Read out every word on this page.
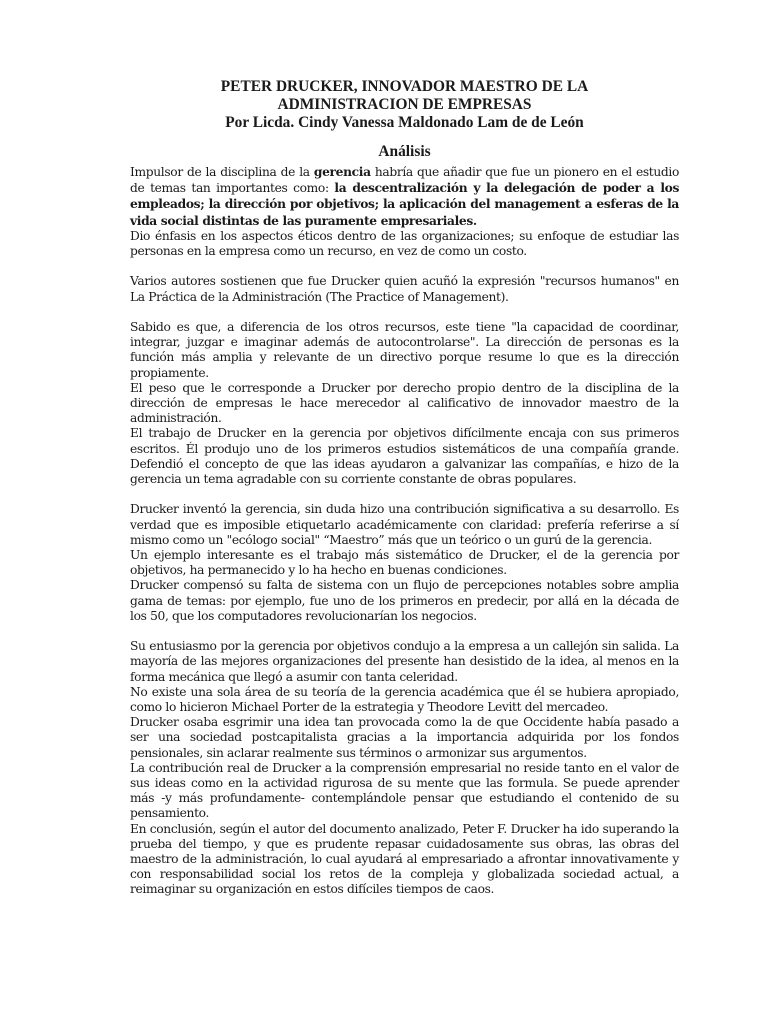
PETER DRUCKER, INNOVADOR MAESTRO DE LA
ADMINISTRACION DE EMPRESAS
Por Licda. Cindy Vanessa Maldonado Lam de de León

Análisis

Impulsor de la disciplina de la gerencia habría que añadir que fue un pionero en el estudio de temas tan importantes como: la descentralización y la delegación de poder a los empleados; la dirección por objetivos; la aplicación del management a esferas de la vida social distintas de las puramente empresariales.

Dio énfasis en los aspectos éticos dentro de las organizaciones; su enfoque de estudiar las personas en la empresa como un recurso, en vez de como un costo.

Varios autores sostienen que fue Drucker quien acuñó la expresión "recursos humanos" en La Práctica de la Administración (The Practice of Management).

Sabido es que, a diferencia de los otros recursos, este tiene "la capacidad de coordinar, integrar, juzgar e imaginar además de autocontrolarse". La dirección de personas es la función más amplia y relevante de un directivo porque resume lo que es la dirección propiamente.

El peso que le corresponde a Drucker por derecho propio dentro de la disciplina de la dirección de empresas le hace merecedor al calificativo de innovador maestro de la administración.

El trabajo de Drucker en la gerencia por objetivos difícilmente encaja con sus primeros escritos. Él produjo uno de los primeros estudios sistemáticos de una compañía grande. Defendió el concepto de que las ideas ayudaron a galvanizar las compañías, e hizo de la gerencia un tema agradable con su corriente constante de obras populares.

Drucker inventó la gerencia, sin duda hizo una contribución significativa a su desarrollo. Es verdad que es imposible etiquetarlo académicamente con claridad: prefería referirse a sí mismo como un "ecólogo social" “Maestro” más que un teórico o un gurú de la gerencia.

Un ejemplo interesante es el trabajo más sistemático de Drucker, el de la gerencia por objetivos, ha permanecido y lo ha hecho en buenas condiciones.

Drucker compensó su falta de sistema con un flujo de percepciones notables sobre amplia gama de temas: por ejemplo, fue uno de los primeros en predecir, por allá en la década de los 50, que los computadores revolucionarían los negocios.

Su entusiasmo por la gerencia por objetivos condujo a la empresa a un callejón sin salida. La mayoría de las mejores organizaciones del presente han desistido de la idea, al menos en la forma mecánica que llegó a asumir con tanta celeridad.

No existe una sola área de su teoría de la gerencia académica que él se hubiera apropiado, como lo hicieron Michael Porter de la estrategia y Theodore Levitt del mercadeo.

Drucker osaba esgrimir una idea tan provocada como la de que Occidente había pasado a ser una sociedad postcapitalista gracias a la importancia adquirida por los fondos pensionales, sin aclarar realmente sus términos o armonizar sus argumentos.

La contribución real de Drucker a la comprensión empresarial no reside tanto en el valor de sus ideas como en la actividad rigurosa de su mente que las formula. Se puede aprender más -y más profundamente- contemplándole pensar que estudiando el contenido de su pensamiento.

En conclusión, según el autor del documento analizado, Peter F. Drucker ha ido superando la prueba del tiempo, y que es prudente repasar cuidadosamente sus obras, las obras del maestro de la administración, lo cual ayudará al empresariado a afrontar innovativamente y con responsabilidad social los retos de la compleja y globalizada sociedad actual, a reimaginar su organización en estos difíciles tiempos de caos.
